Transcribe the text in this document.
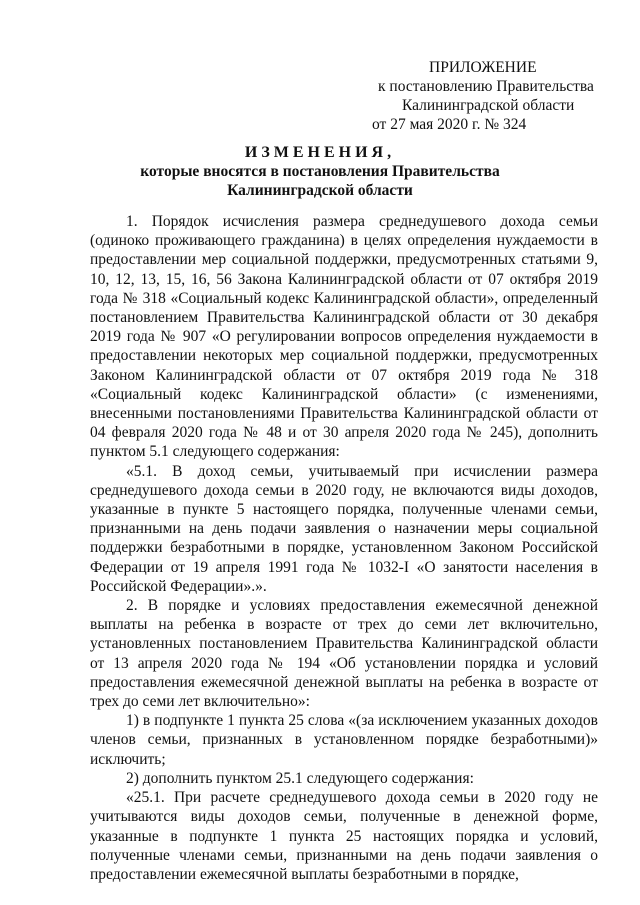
ПРИЛОЖЕНИЕ
к постановлению Правительства
Калининградской области
от 27 мая 2020 г. № 324
ИЗМЕНЕНИЯ,
которые вносятся в постановления Правительства
Калининградской области

1. Порядок исчисления размера среднедушевого дохода семьи (одиноко проживающего гражданина) в целях определения нуждаемости в предоставлении мер социальной поддержки, предусмотренных статьями 9, 10, 12, 13, 15, 16, 56 Закона Калининградской области от 07 октября 2019 года № 318 «Социальный кодекс Калининградской области», определенный постановлением Правительства Калининградской области от 30 декабря 2019 года № 907 «О регулировании вопросов определения нуждаемости в предоставлении некоторых мер социальной поддержки, предусмотренных Законом Калининградской области от 07 октября 2019 года № 318 «Социальный кодекс Калининградской области» (с изменениями, внесенными постановлениями Правительства Калининградской области от 04 февраля 2020 года № 48 и от 30 апреля 2020 года № 245), дополнить пунктом 5.1 следующего содержания:

«5.1. В доход семьи, учитываемый при исчислении размера среднедушевого дохода семьи в 2020 году, не включаются виды доходов, указанные в пункте 5 настоящего порядка, полученные членами семьи, признанными на день подачи заявления о назначении меры социальной поддержки безработными в порядке, установленном Законом Российской Федерации от 19 апреля 1991 года № 1032-I «О занятости населения в Российской Федерации».».

2. В порядке и условиях предоставления ежемесячной денежной выплаты на ребенка в возрасте от трех до семи лет включительно, установленных постановлением Правительства Калининградской области от 13 апреля 2020 года № 194 «Об установлении порядка и условий предоставления ежемесячной денежной выплаты на ребенка в возрасте от трех до семи лет включительно»:

1) в подпункте 1 пункта 25 слова «(за исключением указанных доходов членов семьи, признанных в установленном порядке безработными)» исключить;

2) дополнить пунктом 25.1 следующего содержания:

«25.1. При расчете среднедушевого дохода семьи в 2020 году не учитываются виды доходов семьи, полученные в денежной форме, указанные в подпункте 1 пункта 25 настоящих порядка и условий, полученные членами семьи, признанными на день подачи заявления о предоставлении ежемесячной выплаты безработными в порядке,
